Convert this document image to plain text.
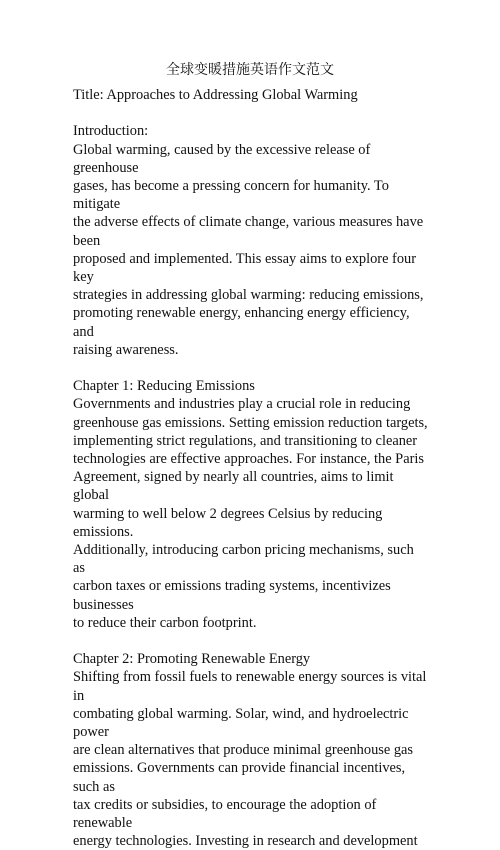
全球变暖措施英语作文范文

Title: Approaches to Addressing Global Warming

Introduction:

Global warming, caused by the excessive release of greenhouse
gases, has become a pressing concern for humanity. To mitigate
the adverse effects of climate change, various measures have been
proposed and implemented. This essay aims to explore four key
strategies in addressing global warming: reducing emissions,
promoting renewable energy, enhancing energy efficiency, and
raising awareness.

Chapter 1: Reducing Emissions

Governments and industries play a crucial role in reducing
greenhouse gas emissions. Setting emission reduction targets,
implementing strict regulations, and transitioning to cleaner
technologies are effective approaches. For instance, the Paris
Agreement, signed by nearly all countries, aims to limit global
warming to well below 2 degrees Celsius by reducing emissions.
Additionally, introducing carbon pricing mechanisms, such as
carbon taxes or emissions trading systems, incentivizes businesses
to reduce their carbon footprint.

Chapter 2: Promoting Renewable Energy

Shifting from fossil fuels to renewable energy sources is vital in
combating global warming. Solar, wind, and hydroelectric power
are clean alternatives that produce minimal greenhouse gas
emissions. Governments can provide financial incentives, such as
tax credits or subsidies, to encourage the adoption of renewable
energy technologies. Investing in research and development
